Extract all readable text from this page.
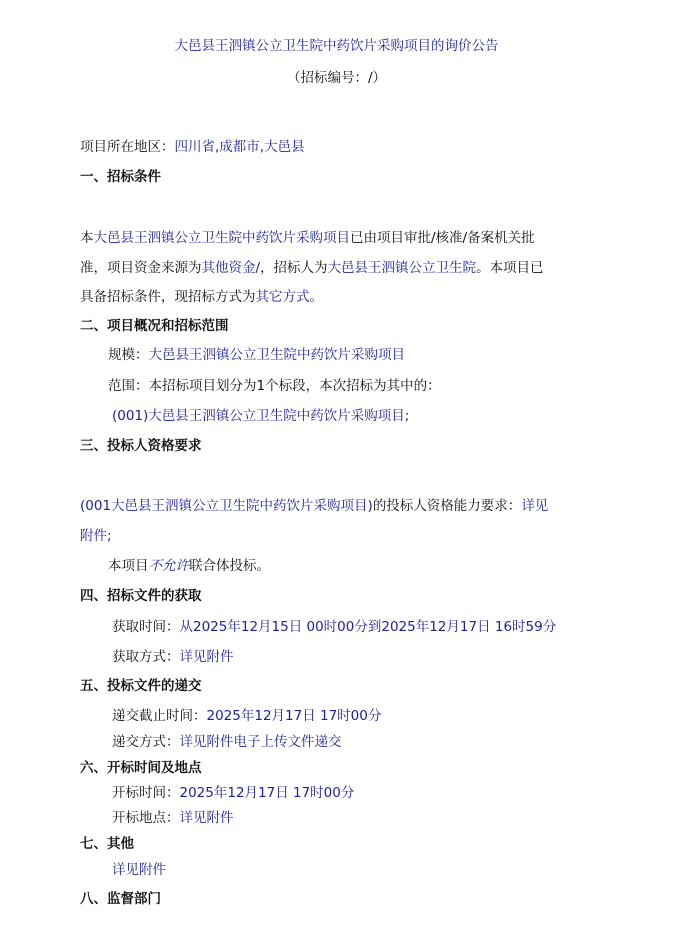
大邑县王泗镇公立卫生院中药饮片采购项目的询价公告
（招标编号：/）
项目所在地区：四川省,成都市,大邑县
一、招标条件
本大邑县王泗镇公立卫生院中药饮片采购项目已由项目审批/核准/备案机关批
准，项目资金来源为其他资金/，招标人为大邑县王泗镇公立卫生院。本项目已
具备招标条件，现招标方式为其它方式。
二、项目概况和招标范围
规模：大邑县王泗镇公立卫生院中药饮片采购项目
范围：本招标项目划分为1个标段，本次招标为其中的：
(001)大邑县王泗镇公立卫生院中药饮片采购项目;
三、投标人资格要求
(001大邑县王泗镇公立卫生院中药饮片采购项目)的投标人资格能力要求：详见
附件;
本项目不允许联合体投标。
四、招标文件的获取
获取时间：从2025年12月15日 00时00分到2025年12月17日 16时59分
获取方式：详见附件
五、投标文件的递交
递交截止时间：2025年12月17日 17时00分
递交方式：详见附件电子上传文件递交
六、开标时间及地点
开标时间：2025年12月17日 17时00分
开标地点：详见附件
七、其他
详见附件
八、监督部门
